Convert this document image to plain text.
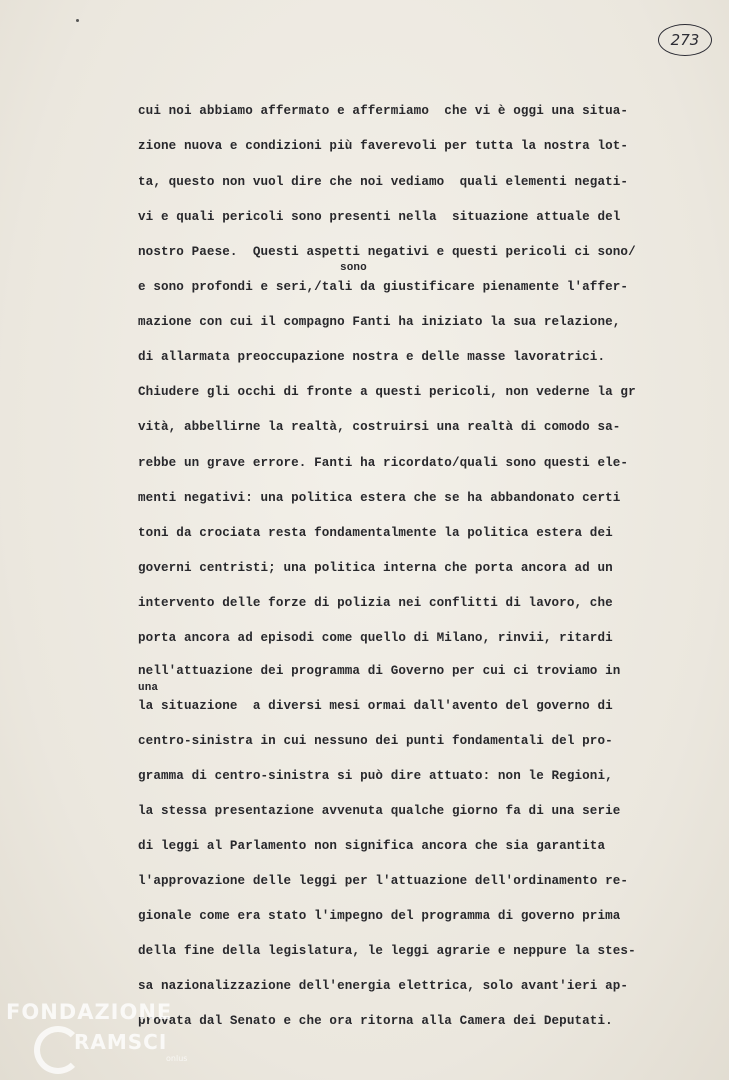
273
cui noi abbiamo affermato e affermiamo  che vi è oggi una situa-
zione nuova e condizioni più faverevoli per tutta la nostra lot-
ta, questo non vuol dire che noi vediamo  quali elementi negati-
vi e quali pericoli sono presenti nella  situazione attuale del
nostro Paese.  Questi aspetti negativi e questi pericoli ci sono/
sono
e sono profondi e seri,/tali da giustificare pienamente l'affer-
mazione con cui il compagno Fanti ha iniziato la sua relazione,
di allarmata preoccupazione nostra e delle masse lavoratrici.
Chiudere gli occhi di fronte a questi pericoli, non vederne la gr
vità, abbellirne la realtà, costruirsi una realtà di comodo sa-
rebbe un grave errore. Fanti ha ricordato/quali sono questi ele-
menti negativi: una politica estera che se ha abbandonato certi
toni da crociata resta fondamentalmente la politica estera dei
governi centristi; una politica interna che porta ancora ad un
intervento delle forze di polizia nei conflitti di lavoro, che
porta ancora ad episodi come quello di Milano, rinvii, ritardi
nell'attuazione dei programma di Governo per cui ci troviamo in
una
la situazione  a diversi mesi ormai dall'avento del governo di
centro-sinistra in cui nessuno dei punti fondamentali del pro-
gramma di centro-sinistra si può dire attuato: non le Regioni,
la stessa presentazione avvenuta qualche giorno fa di una serie
di leggi al Parlamento non significa ancora che sia garantita
l'approvazione delle leggi per l'attuazione dell'ordinamento re-
gionale come era stato l'impegno del programma di governo prima
della fine della legislatura, le leggi agrarie e neppure la stes-
sa nazionalizzazione dell'energia elettrica, solo avant'ieri ap-
provata dal Senato e che ora ritorna alla Camera dei Deputati.
FONDAZIONE
RAMSCI
onlus
